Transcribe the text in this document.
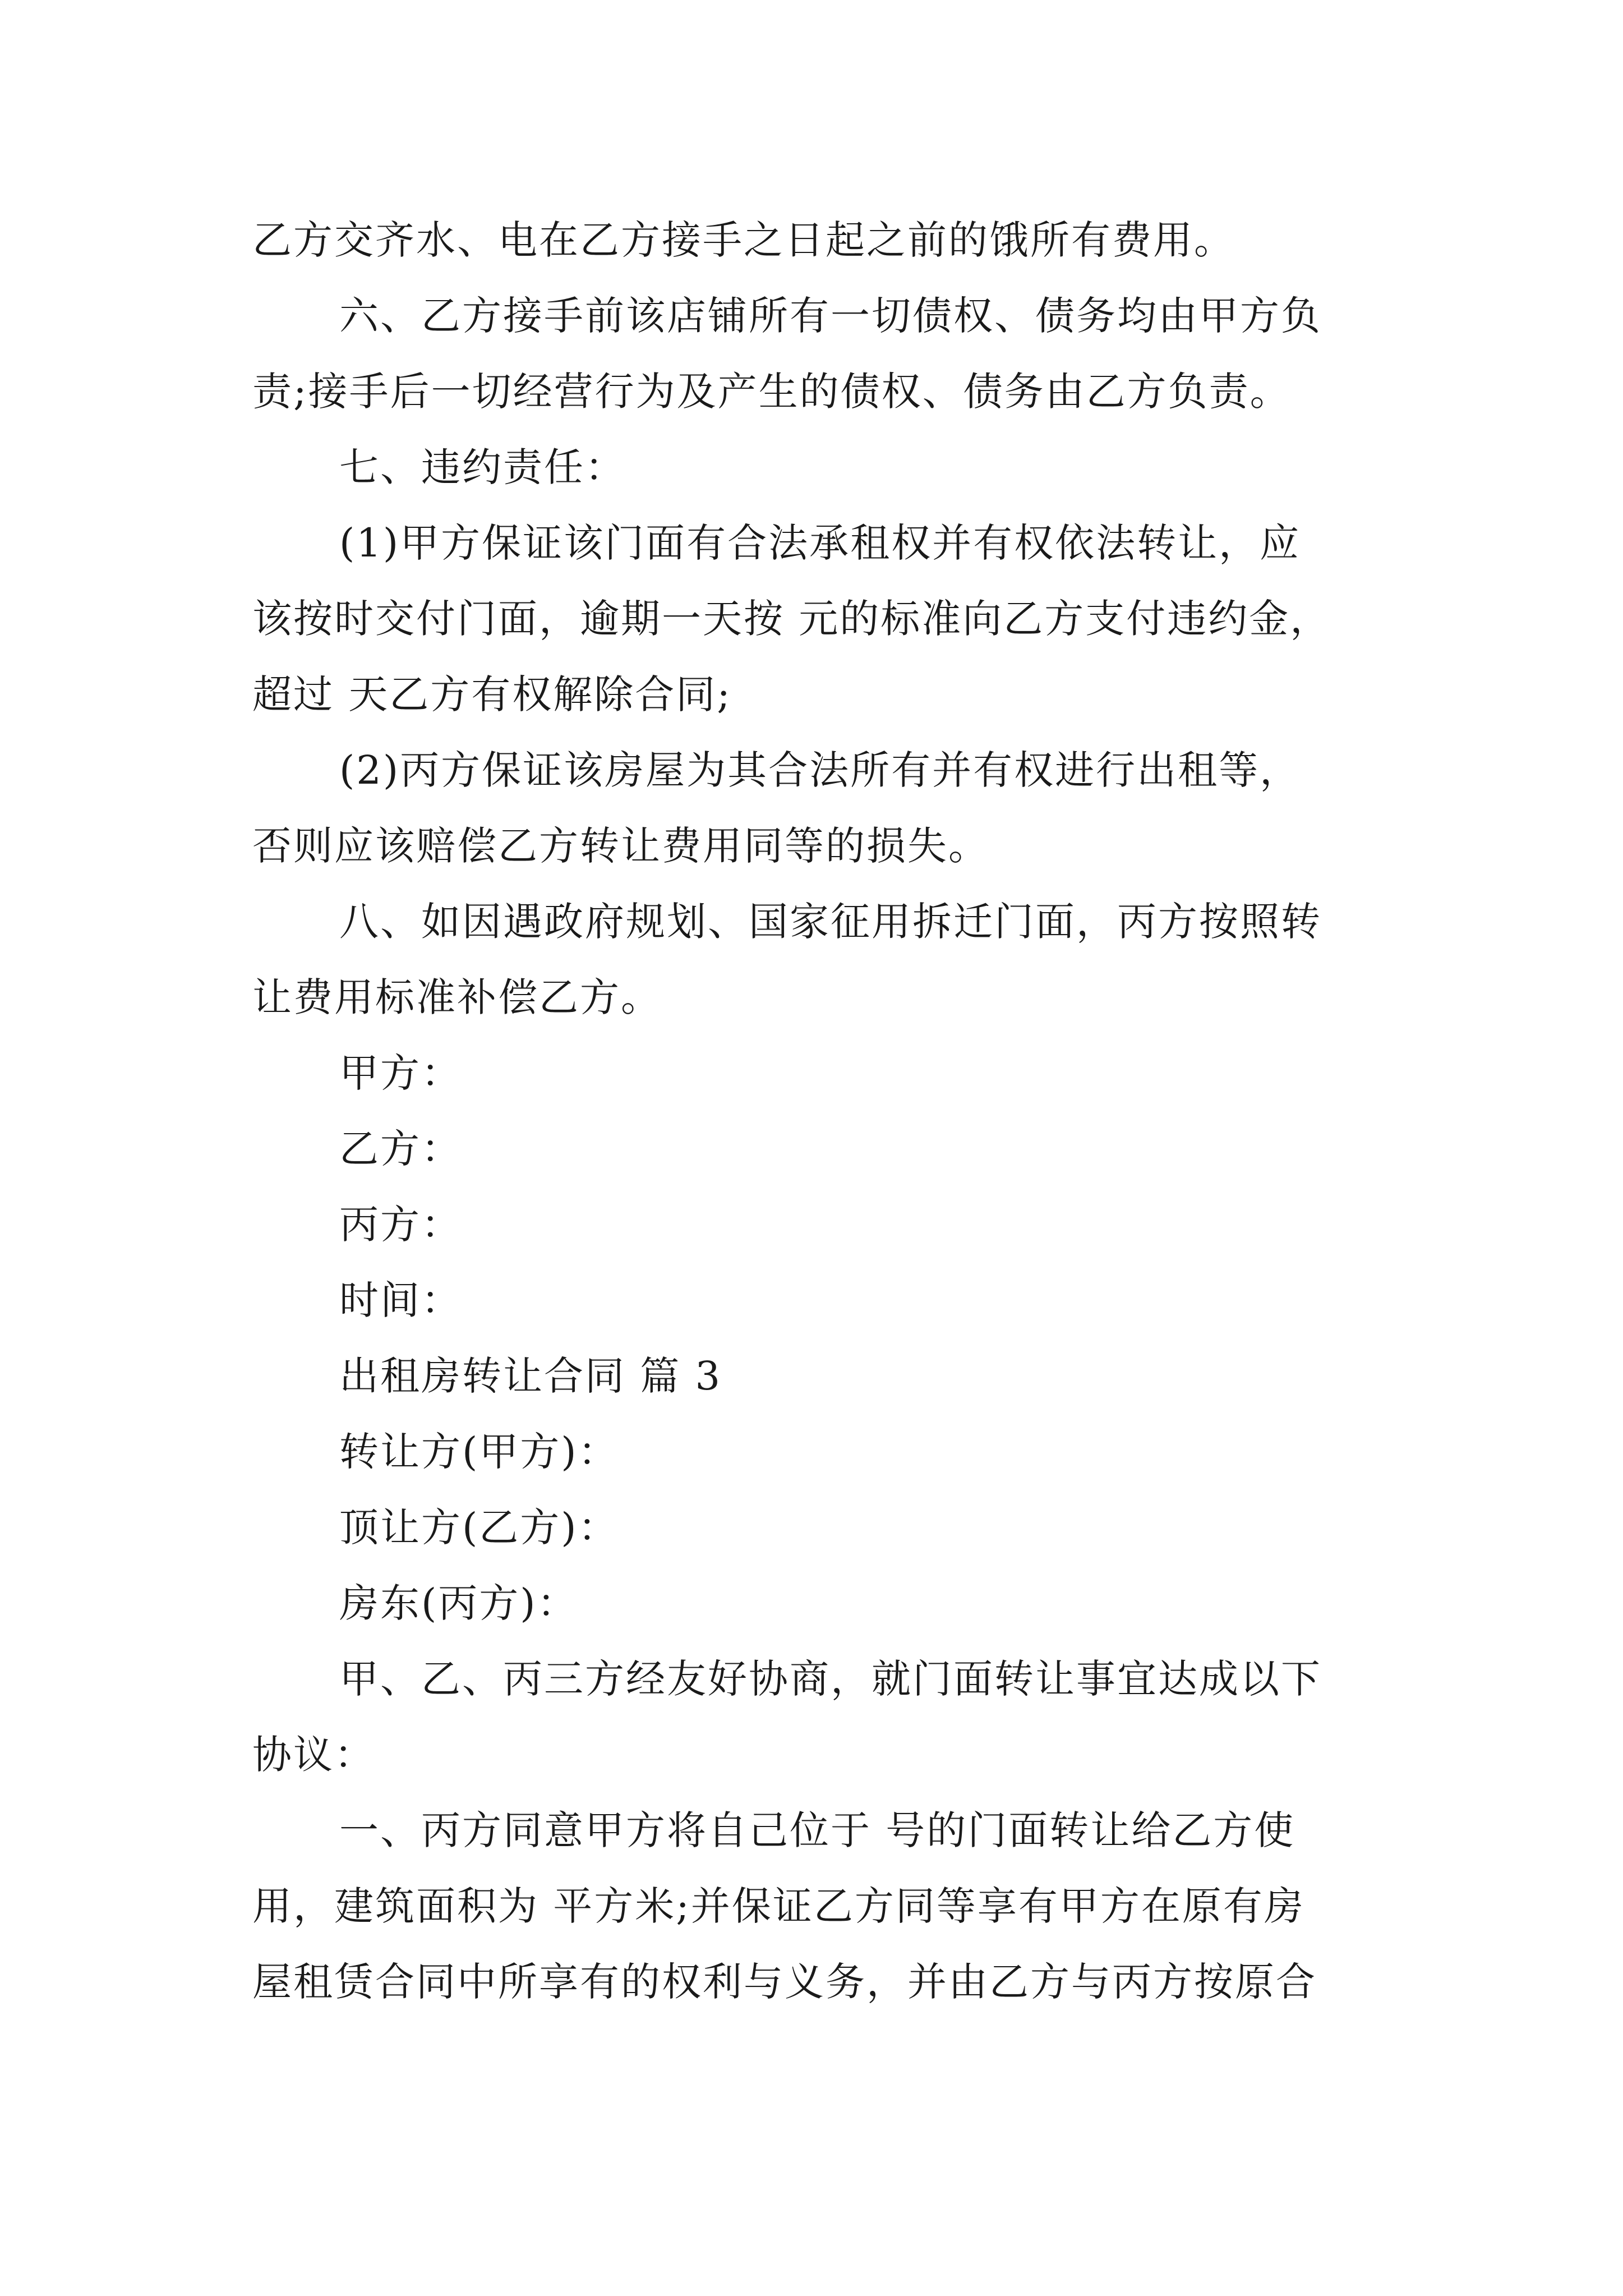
乙方交齐水、电在乙方接手之日起之前的饿所有费用。
六、乙方接手前该店铺所有一切债权、债务均由甲方负
责;接手后一切经营行为及产生的债权、债务由乙方负责。
七、违约责任：
(1)甲方保证该门面有合法承租权并有权依法转让，应
该按时交付门面，逾期一天按 元的标准向乙方支付违约金，
超过 天乙方有权解除合同;
(2)丙方保证该房屋为其合法所有并有权进行出租等，
否则应该赔偿乙方转让费用同等的损失。
八、如因遇政府规划、国家征用拆迁门面，丙方按照转
让费用标准补偿乙方。
甲方：
乙方：
丙方：
时间：
出租房转让合同 篇 3
转让方(甲方)：
顶让方(乙方)：
房东(丙方)：
甲、乙、丙三方经友好协商，就门面转让事宜达成以下
协议：
一、丙方同意甲方将自己位于 号的门面转让给乙方使
用，建筑面积为 平方米;并保证乙方同等享有甲方在原有房
屋租赁合同中所享有的权利与义务，并由乙方与丙方按原合
